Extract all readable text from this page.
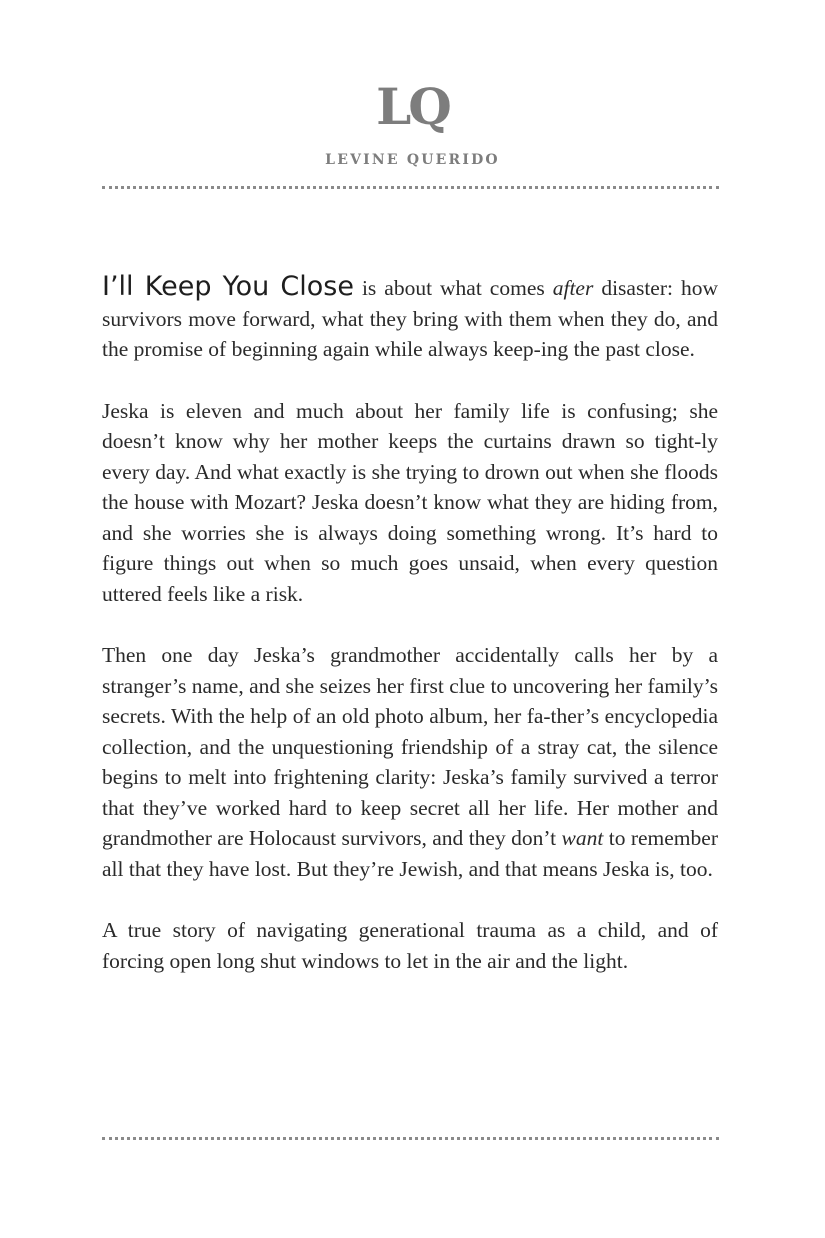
LQ
LEVINE QUERIDO

I’ll Keep You Close is about what comes after disaster: how survivors move forward, what they bring with them when they do, and the promise of beginning again while always keep-ing the past close.

Jeska is eleven and much about her family life is confusing; she doesn’t know why her mother keeps the curtains drawn so tight-ly every day. And what exactly is she trying to drown out when she floods the house with Mozart? Jeska doesn’t know what they are hiding from, and she worries she is always doing something wrong. It’s hard to figure things out when so much goes unsaid, when every question uttered feels like a risk.

Then one day Jeska’s grandmother accidentally calls her by a stranger’s name, and she seizes her first clue to uncovering her family’s secrets. With the help of an old photo album, her fa-ther’s encyclopedia collection, and the unquestioning friendship of a stray cat, the silence begins to melt into frightening clarity: Jeska’s family survived a terror that they’ve worked hard to keep secret all her life. Her mother and grandmother are Holocaust survivors, and they don’t want to remember all that they have lost. But they’re Jewish, and that means Jeska is, too.

A true story of navigating generational trauma as a child, and of forcing open long shut windows to let in the air and the light.
